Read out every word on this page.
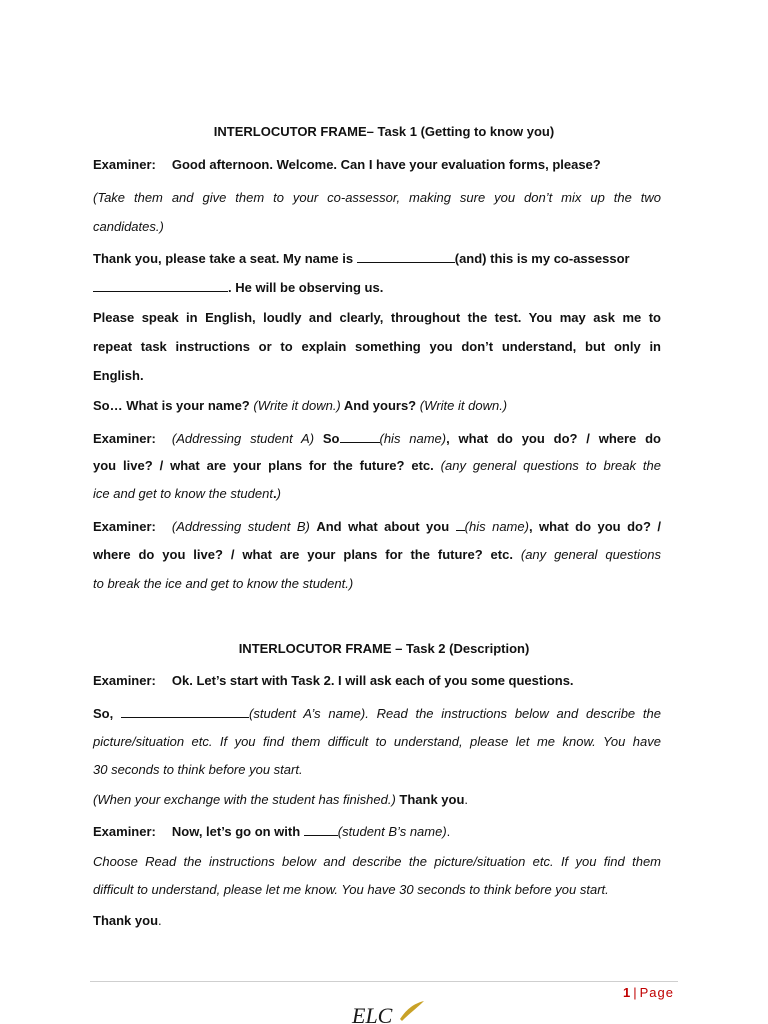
INTERLOCUTOR FRAME– Task 1 (Getting to know you)
Examiner: Good afternoon. Welcome. Can I have your evaluation forms, please?
(Take them and give them to your co-assessor, making sure you don’t mix up the two
candidates.)
Thank you, please take a seat. My name is	(and) this is my co-assessor
. He will be observing us.
Please speak in English, loudly and clearly, throughout the test. You may ask me to
repeat task instructions or to explain something you don’t understand, but only in
English.
So… What is your name? (Write it down.) And yours? (Write it down.)
Examiner: (Addressing student A) So	(his name), what do you do? / where do
you live? / what are your plans for the future? etc. (any general questions to break the
ice and get to know the student.)
Examiner: (Addressing student B) And what about you (his name), what do you do? /
where do you live? / what are your plans for the future? etc. (any general questions
to break the ice and get to know the student.)
INTERLOCUTOR FRAME – Task 2 (Description)
Examiner: Ok. Let’s start with Task 2. I will ask each of you some questions.
So,	(student A’s name). Read the instructions below and describe the
picture/situation etc. If you find them difficult to understand, please let me know. You have
30 seconds to think before you start.
(When your exchange with the student has finished.) Thank you.
Examiner: Now, let’s go on with	(student B’s name).
Choose Read the instructions below and describe the picture/situation etc. If you find them
difficult to understand, please let me know. You have 30 seconds to think before you start.
Thank you.
1 | Page
ELC
